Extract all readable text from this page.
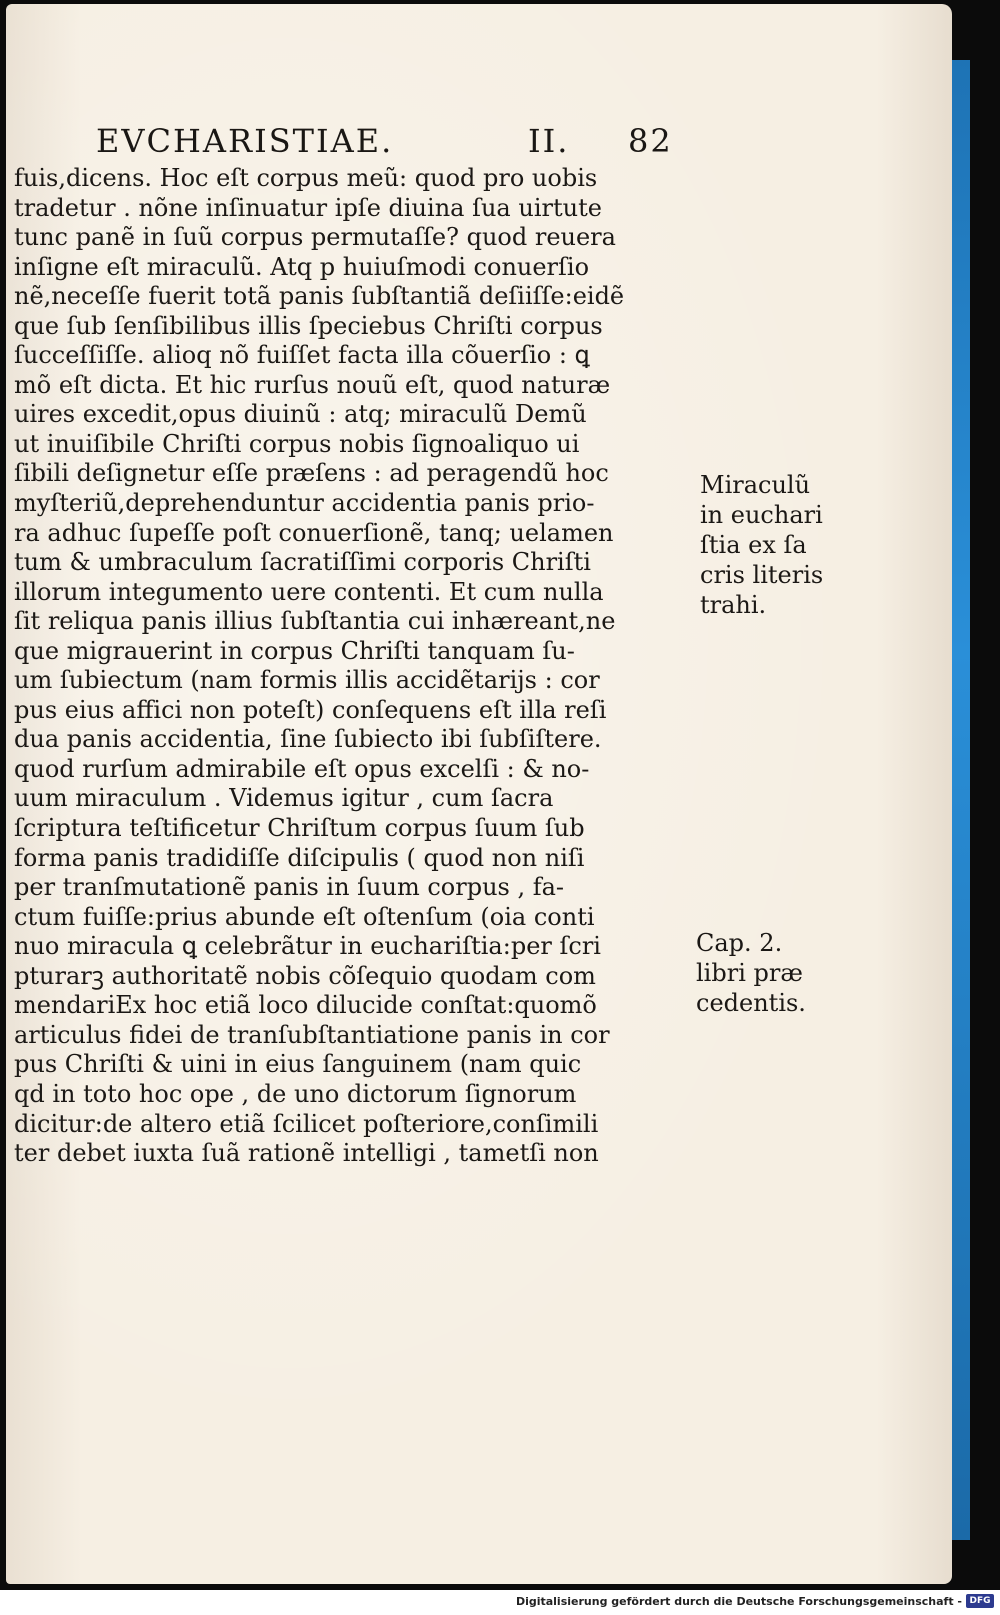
EVCHARISTIAE.	II. 82
fuis,dicens. Hoc eſt corpus meũ: quod pro uobis
tradetur . nõne inſinuatur ipſe diuina ſua uirtute
tunc panẽ in ſuũ corpus permutaſſe? quod reuera
inſigne eſt miraculũ. Atq p huiuſmodi conuerſio
nẽ,neceſſe fuerit totã panis ſubſtantiã deſiiſſe:eidẽ
que ſub ſenſibilibus illis ſpeciebus Chriſti corpus
ſucceſſiſſe. alioq nõ fuiſſet facta illa cõuerſio : ꝗ
mõ eſt dicta. Et hic rurſus nouũ eſt, quod naturæ
uires excedit,opus diuinũ : atq; miraculũ Demũ
ut inuiſibile Chriſti corpus nobis ſignoaliquo ui
ſibili deſignetur eſſe præſens : ad peragendũ hoc
myſteriũ,deprehenduntur accidentia panis prio-
ra adhuc ſupeſſe poſt conuerſionẽ, tanq; uelamen
tum & umbraculum ſacratiſſimi corporis Chriſti
illorum integumento uere contenti. Et cum nulla
ſit reliqua panis illius ſubſtantia cui inhæreant,ne
que migrauerint in corpus Chriſti tanquam ſu-
um ſubiectum (nam formis illis accidẽtarijs : cor
pus eius affici non poteſt) conſequens eſt illa reſi
dua panis accidentia, ſine ſubiecto ibi ſubſiſtere.
quod rurſum admirabile eſt opus excelſi : & no-
uum miraculum . Videmus igitur , cum ſacra
ſcriptura teſtificetur Chriſtum corpus ſuum ſub
forma panis tradidiſſe diſcipulis ( quod non niſi
per tranſmutationẽ panis in ſuum corpus , fa-
ctum fuiſſe:prius abunde eſt oſtenſum (oia conti
nuo miracula ꝗ celebrãtur in euchariſtia:per ſcri
pturarꝫ authoritatẽ nobis cõſequio quodam com
mendariEx hoc etiã loco dilucide conſtat:quomõ
articulus fidei de tranſubſtantiatione panis in cor
pus Chriſti & uini in eius ſanguinem (nam quic
qd in toto hoc ope , de uno dictorum ſignorum
dicitur:de altero etiã ſcilicet poſteriore,conſimili
ter debet iuxta ſuã rationẽ intelligi , tametſi non
Miraculũ
in euchari
ſtia ex ſa
cris literis
trahi.
Cap. 2.
libri præ
cedentis.
Digitalisierung gefördert durch die Deutsche Forschungsgemeinschaft - DFG
